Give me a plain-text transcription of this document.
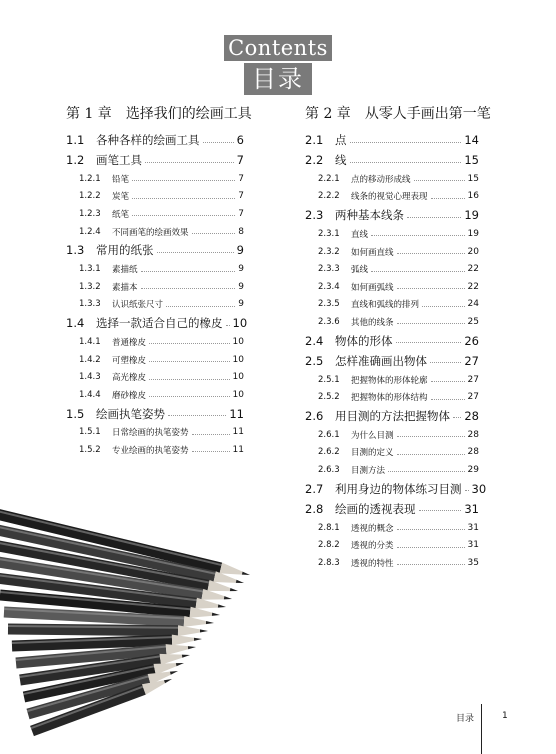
Contents
目录
第 1 章 选择我们的绘画工具
1.1	各种各样的绘画工具	6
1.2	画笔工具	7
1.2.1	铅笔	7
1.2.2	炭笔	7
1.2.3	纸笔	7
1.2.4	不同画笔的绘画效果	8
1.3	常用的纸张	9
1.3.1	素描纸	9
1.3.2	素描本	9
1.3.3	认识纸张尺寸	9
1.4	选择一款适合自己的橡皮 10
1.4.1	普通橡皮	10
1.4.2	可塑橡皮	10
1.4.3	高光橡皮	10
1.4.4	磨砂橡皮	10
1.5	绘画执笔姿势	11
1.5.1	日常绘画的执笔姿势	11
1.5.2	专业绘画的执笔姿势	11
第 2 章 从零人手画出第一笔
2.1	点	14
2.2	线	15
2.2.1	点的移动形成线	15
2.2.2	线条的视觉心理表现	16
2.3	两种基本线条	19
2.3.1	直线	19
2.3.2	如何画直线	20
2.3.3	弧线	22
2.3.4	如何画弧线	22
2.3.5	直线和弧线的排列	24
2.3.6	其他的线条	25
2.4	物体的形体	26
2.5	怎样准确画出物体	27
2.5.1	把握物体的形体轮廓	27
2.5.2	把握物体的形体结构	27
2.6	用目测的方法把握物体 28
2.6.1	为什么目测	28
2.6.2	目测的定义	28
2.6.3	目测方法	29
2.7	利用身边的物体练习目测 30
2.8	绘画的透视表现	31
2.8.1	透视的概念	31
2.8.2	透视的分类	31
2.8.3	透视的特性	35
目录	1
